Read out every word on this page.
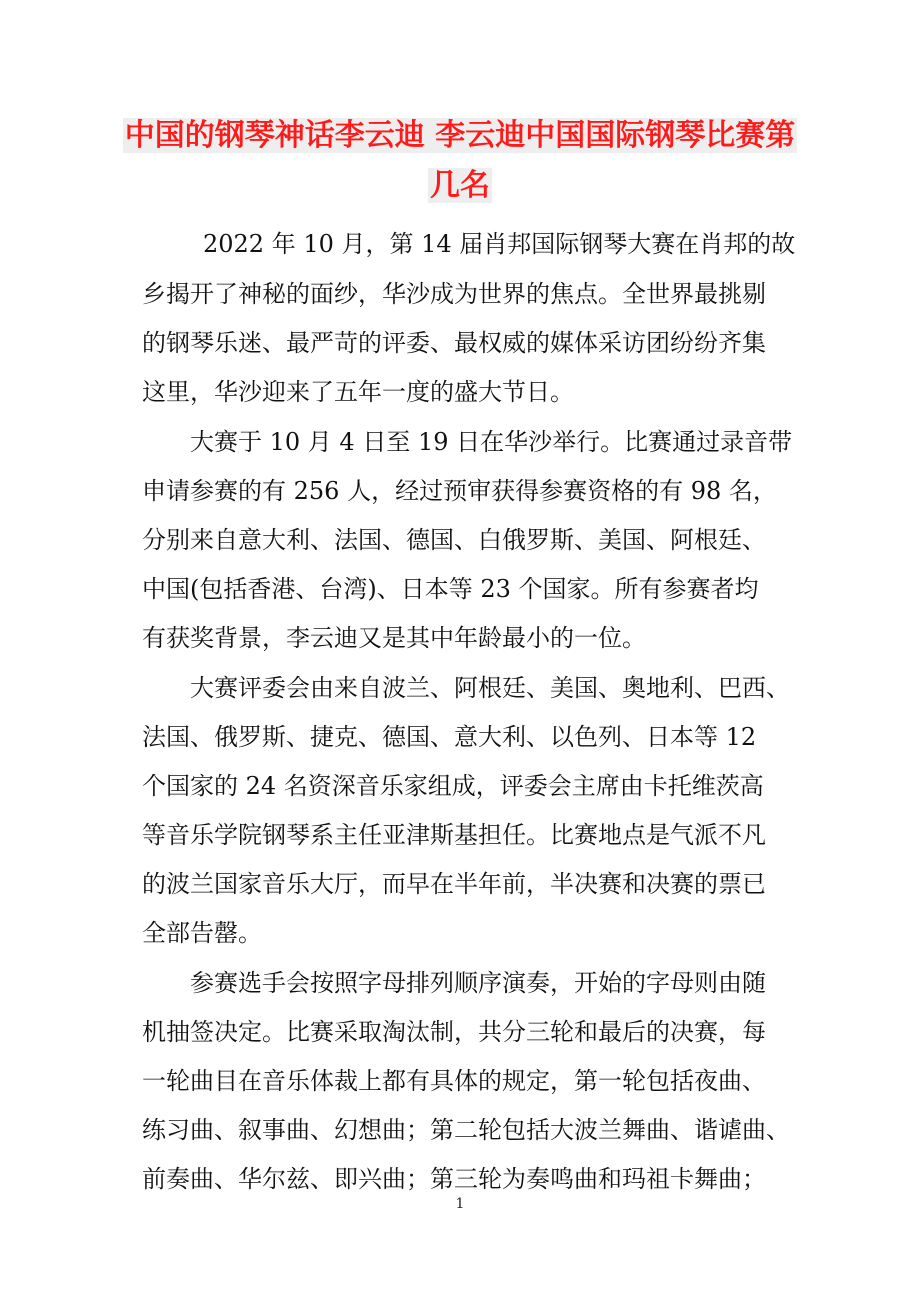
中国的钢琴神话李云迪 李云迪中国国际钢琴比赛第
几名
2022 年 10 月，第 14 届肖邦国际钢琴大赛在肖邦的故
乡揭开了神秘的面纱，华沙成为世界的焦点。全世界最挑剔
的钢琴乐迷、最严苛的评委、最权威的媒体采访团纷纷齐集
这里，华沙迎来了五年一度的盛大节日。
大赛于 10 月 4 日至 19 日在华沙举行。比赛通过录音带
申请参赛的有 256 人，经过预审获得参赛资格的有 98 名，
分别来自意大利、法国、德国、白俄罗斯、美国、阿根廷、
中国(包括香港、台湾)、日本等 23 个国家。所有参赛者均
有获奖背景，李云迪又是其中年龄最小的一位。
大赛评委会由来自波兰、阿根廷、美国、奥地利、巴西、
法国、俄罗斯、捷克、德国、意大利、以色列、日本等 12
个国家的 24 名资深音乐家组成，评委会主席由卡托维茨高
等音乐学院钢琴系主任亚津斯基担任。比赛地点是气派不凡
的波兰国家音乐大厅，而早在半年前，半决赛和决赛的票已
全部告罄。
参赛选手会按照字母排列顺序演奏，开始的字母则由随
机抽签决定。比赛采取淘汰制，共分三轮和最后的决赛，每
一轮曲目在音乐体裁上都有具体的规定，第一轮包括夜曲、
练习曲、叙事曲、幻想曲；第二轮包括大波兰舞曲、谐谑曲、
前奏曲、华尔兹、即兴曲；第三轮为奏鸣曲和玛祖卡舞曲；
1
